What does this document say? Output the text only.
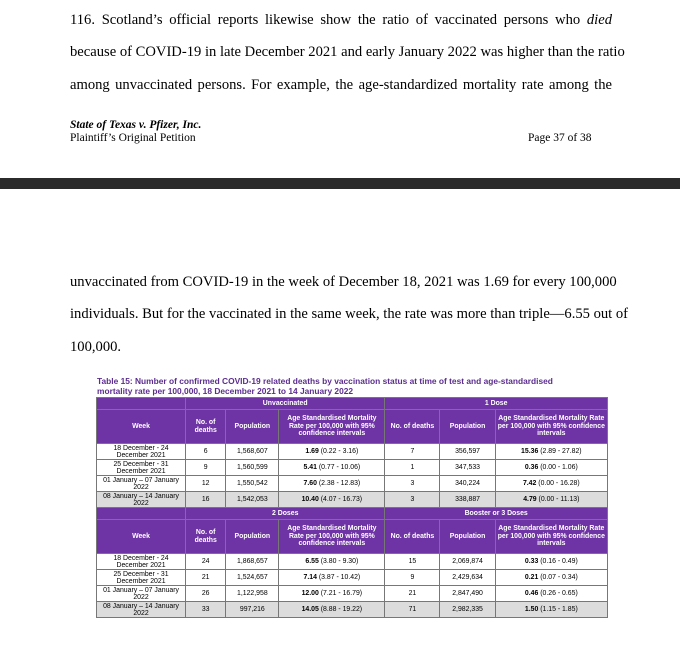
116. Scotland’s official reports likewise show the ratio of vaccinated persons who died
because of COVID-19 in late December 2021 and early January 2022 was higher than the ratio
among unvaccinated persons. For example, the age-standardized mortality rate among the
State of Texas v. Pfizer, Inc.
Plaintiff’s Original Petition	Page 37 of 38
unvaccinated from COVID-19 in the week of December 18, 2021 was 1.69 for every 100,000
individuals. But for the vaccinated in the same week, the rate was more than triple—6.55 out of
100,000.
Table 15: Number of confirmed COVID-19 related deaths by vaccination status at time of test and age-standardised
mortality rate per 100,000, 18 December 2021 to 14 January 2022
	Unvaccinated			1 Dose		
Week	No. of deaths	Population	Age Standardised Mortality Rate per 100,000 with 95% confidence intervals	No. of deaths	Population	Age Standardised Mortality Rate per 100,000 with 95% confidence intervals
18 December - 24 December 2021	6	1,568,607	1.69 (0.22 - 3.16)	7	356,597	15.36 (2.89 - 27.82)
25 December - 31 December 2021	9	1,560,599	5.41 (0.77 - 10.06)	1	347,533	0.36 (0.00 - 1.06)
01 January – 07 January 2022	12	1,550,542	7.60 (2.38 - 12.83)	3	340,224	7.42 (0.00 - 16.28)
08 January – 14 January 2022	16	1,542,053	10.40 (4.07 - 16.73)	3	338,887	4.79 (0.00 - 11.13)
	2 Doses			Booster or 3 Doses		
Week	No. of deaths	Population	Age Standardised Mortality Rate per 100,000 with 95% confidence intervals	No. of deaths	Population	Age Standardised Mortality Rate per 100,000 with 95% confidence intervals
18 December - 24 December 2021	24	1,868,657	6.55 (3.80 - 9.30)	15	2,069,874	0.33 (0.16 - 0.49)
25 December - 31 December 2021	21	1,524,657	7.14 (3.87 - 10.42)	9	2,429,634	0.21 (0.07 - 0.34)
01 January – 07 January 2022	26	1,122,958	12.00 (7.21 - 16.79)	21	2,847,490	0.46 (0.26 - 0.65)
08 January – 14 January 2022	33	997,216	14.05 (8.88 - 19.22)	71	2,982,335	1.50 (1.15 - 1.85)
